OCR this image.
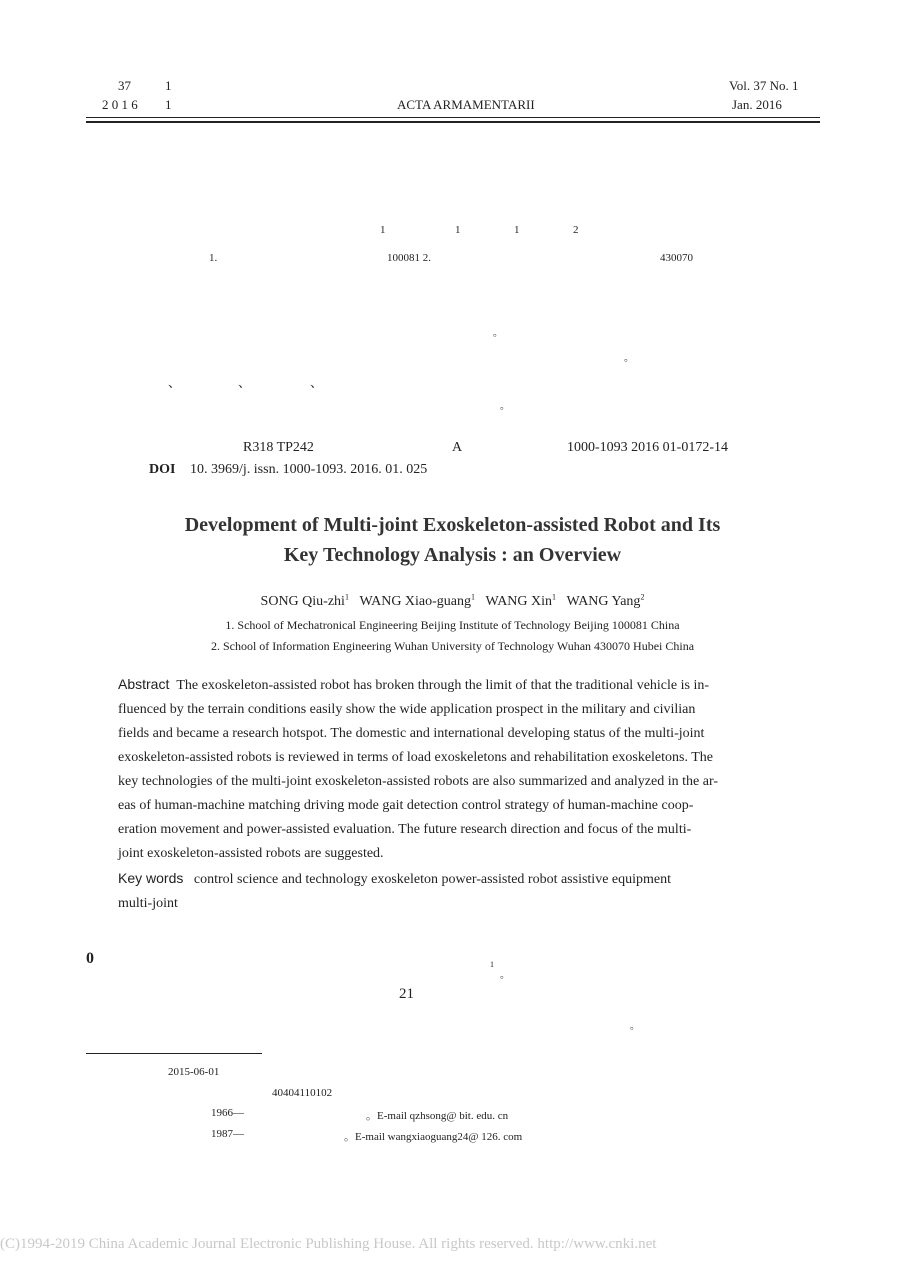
37	1
2 0 1 6 1	ACTA ARMAMENTARII
Vol. 37 No. 1
Jan. 2016
1	1	1	2
1.	100081 2.	430070
。
。
、	、	、
。
R318 TP242	A	1000-1093 2016 01-0172-14
DOI 10. 3969/j. issn. 1000-1093. 2016. 01. 025
Development of Multi-joint Exoskeleton-assisted Robot and Its
Key Technology Analysis : an Overview
SONG Qiu-zhi$^1$ WANG Xiao-guang$^1$ WANG Xin$^1$ WANG Yang$^2$
1. School of Mechatronical Engineering Beijing Institute of Technology Beijing 100081 China
2. School of Information Engineering Wuhan University of Technology Wuhan 430070 Hubei China
Abstract The exoskeleton-assisted robot has broken through the limit of that the traditional vehicle is in-
fluenced by the terrain conditions easily show the wide application prospect in the military and civilian
fields and became a research hotspot. The domestic and international developing status of the multi-joint
exoskeleton-assisted robots is reviewed in terms of load exoskeletons and rehabilitation exoskeletons. The
key technologies of the multi-joint exoskeleton-assisted robots are also summarized and analyzed in the ar-
eas of human-machine matching driving mode gait detection control strategy of human-machine coop-
eration movement and power-assisted evaluation. The future research direction and focus of the multi-
joint exoskeleton-assisted robots are suggested.
Key words control science and technology exoskeleton power-assisted robot assistive equipment
multi-joint
0	1
。
21
。
2015-06-01
40404110102
1966—	。E-mail qzhsong@ bit. edu. cn
1987—	。E-mail wangxiaoguang24@ 126. com
(C)1994-2019 China Academic Journal Electronic Publishing House. All rights reserved. http://www.cnki.net
